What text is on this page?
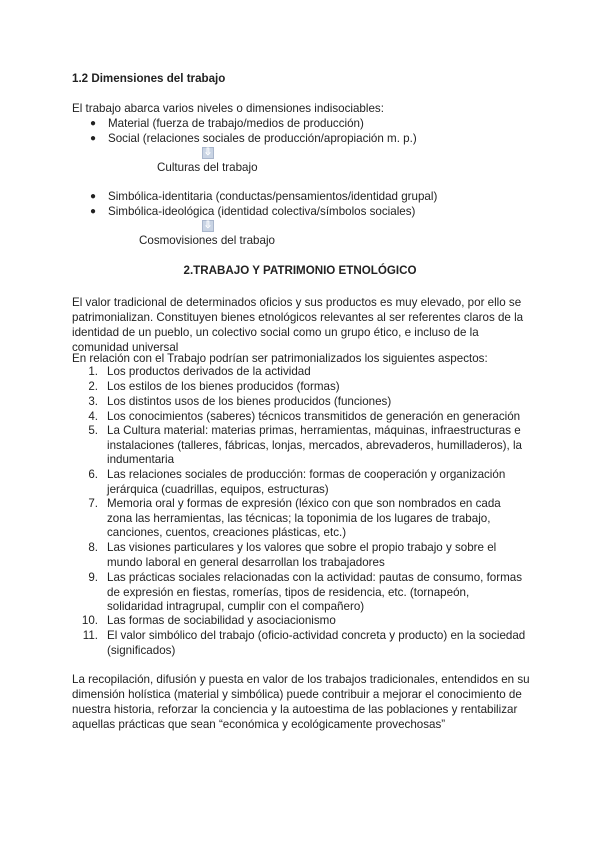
1.2 Dimensiones del trabajo
El trabajo abarca varios niveles o dimensiones indisociables:
● Material (fuerza de trabajo/medios de producción)
● Social (relaciones sociales de producción/apropiación m. p.)
⇩
Culturas del trabajo
● Simbólica-identitaria (conductas/pensamientos/identidad grupal)
● Simbólica-ideológica (identidad colectiva/símbolos sociales)
⇩
Cosmovisiones del trabajo
2.TRABAJO Y PATRIMONIO ETNOLÓGICO
El valor tradicional de determinados oficios y sus productos es muy elevado, por ello se patrimonializan. Constituyen bienes etnológicos relevantes al ser referentes claros de la identidad de un pueblo, un colectivo social como un grupo ético, e incluso de la comunidad universal
En relación con el Trabajo podrían ser patrimonializados los siguientes aspectos:
1. Los productos derivados de la actividad
2. Los estilos de los bienes producidos (formas)
3. Los distintos usos de los bienes producidos (funciones)
4. Los conocimientos (saberes) técnicos transmitidos de generación en generación
5. La Cultura material: materias primas, herramientas, máquinas, infraestructuras e instalaciones (talleres, fábricas, lonjas, mercados, abrevaderos, humilladeros), la indumentaria
6. Las relaciones sociales de producción: formas de cooperación y organización jerárquica (cuadrillas, equipos, estructuras)
7. Memoria oral y formas de expresión (léxico con que son nombrados en cada zona las herramientas, las técnicas; la toponimia de los lugares de trabajo, canciones, cuentos, creaciones plásticas, etc.)
8. Las visiones particulares y los valores que sobre el propio trabajo y sobre el mundo laboral en general desarrollan los trabajadores
9. Las prácticas sociales relacionadas con la actividad: pautas de consumo, formas de expresión en fiestas, romerías, tipos de residencia, etc. (tornapeón, solidaridad intragrupal, cumplir con el compañero)
10. Las formas de sociabilidad y asociacionismo
11. El valor simbólico del trabajo (oficio-actividad concreta y producto) en la sociedad (significados)
La recopilación, difusión y puesta en valor de los trabajos tradicionales, entendidos en su dimensión holística (material y simbólica) puede contribuir a mejorar el conocimiento de nuestra historia, reforzar la conciencia y la autoestima de las poblaciones y rentabilizar aquellas prácticas que sean “económica y ecológicamente provechosas”
